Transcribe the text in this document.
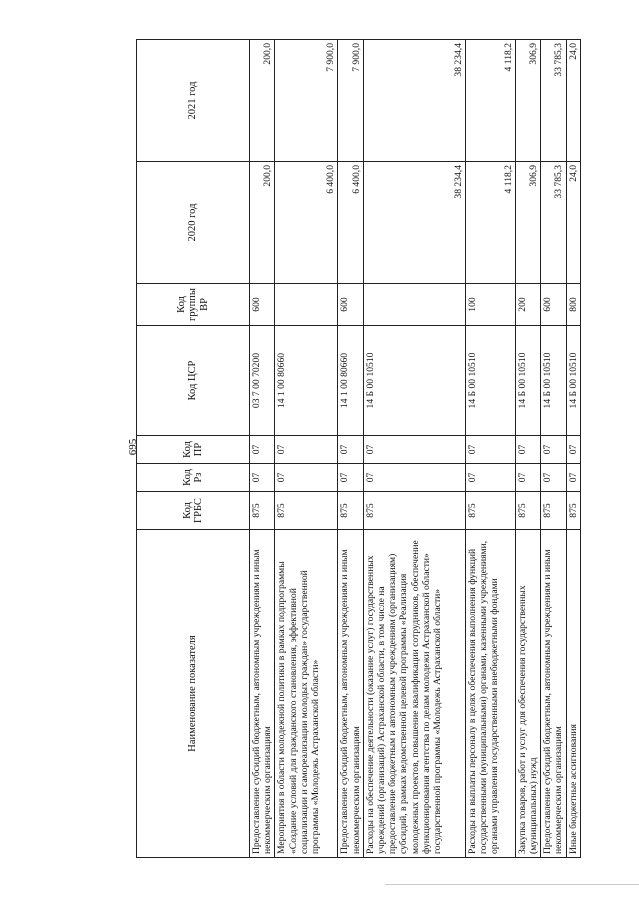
695
Наименование показателя	Код ГРБС	Код Рз	Код ПР	Код ЦСР	Код группы ВР	2020 год	2021 год
Предоставление субсидий бюджетным, автономным учреждениям и иным некоммерческим организациям	875	07	07	03 7 00 70200	600	200,0	200,0
Мероприятия в области молодежной политики в рамках подпрограммы «Создание условий для гражданского становления, эффективной социализации и самореализации молодых граждан» государственной программы «Молодежь Астраханской области»	875	07	07	14 1 00 80660		6 400,0	7 900,0
Предоставление субсидий бюджетным, автономным учреждениям и иным некоммерческим организациям	875	07	07	14 1 00 80660	600	6 400,0	7 900,0
Расходы на обеспечение деятельности (оказание услуг) государственных учреждений (организаций) Астраханской области, в том числе на предоставление бюджетным и автономным учреждениям (организациям) субсидий, в рамках ведомственной целевой программы «Реализация молодежных проектов, повышение квалификации сотрудников, обеспечение функционирования агентства по делам молодежи Астраханской области» государственной программы «Молодежь Астраханской области»	875	07	07	14 Б 00 10510		38 234,4	38 234,4
Расходы на выплаты персоналу в целях обеспечения выполнения функций государственными (муниципальными) органами, казенными учреждениями, органами управления государственными внебюджетными фондами	875	07	07	14 Б 00 10510	100	4 118,2	4 118,2
Закупка товаров, работ и услуг для обеспечения государственных (муниципальных) нужд	875	07	07	14 Б 00 10510	200	306,9	306,9
Предоставление субсидий бюджетным, автономным учреждениям и иным некоммерческим организациям	875	07	07	14 Б 00 10510	600	33 785,3	33 785,3
Иные бюджетные ассигнования	875	07	07	14 Б 00 10510	800	24,0	24,0
